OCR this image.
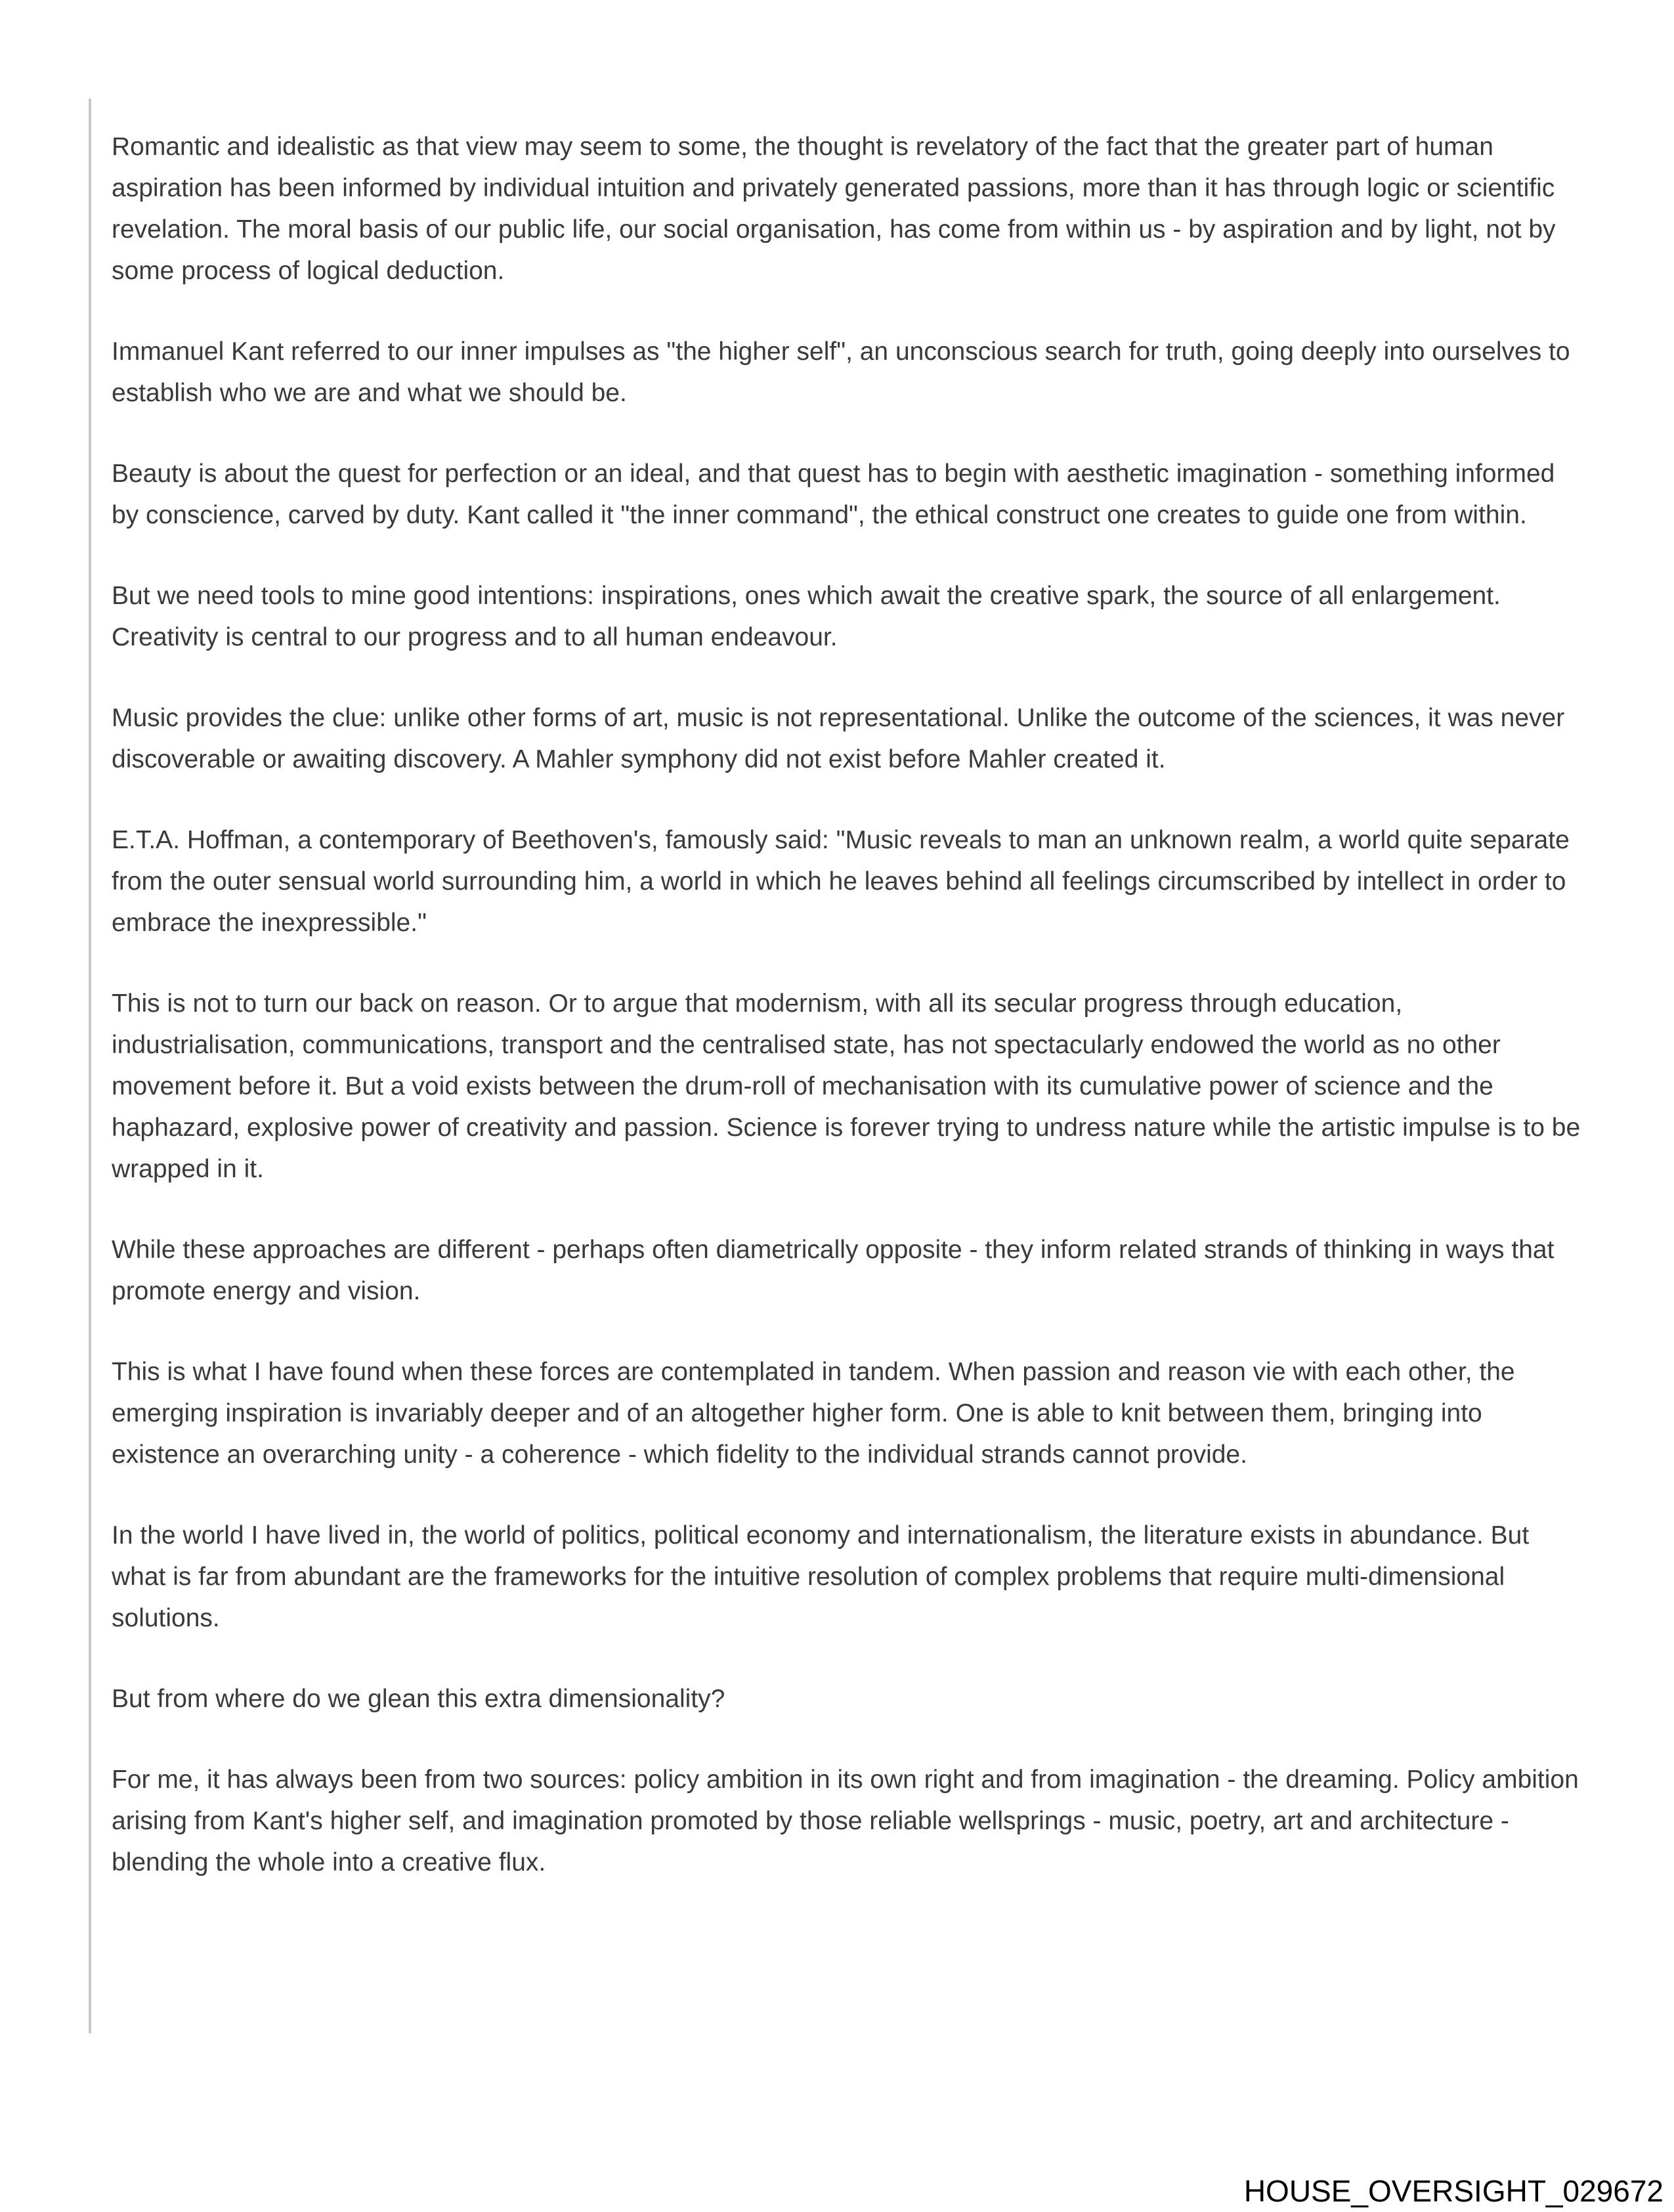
Romantic and idealistic as that view may seem to some, the thought is revelatory of the fact that the greater part of human aspiration has been informed by individual intuition and privately generated passions, more than it has through logic or scientific revelation. The moral basis of our public life, our social organisation, has come from within us - by aspiration and by light, not by some process of logical deduction.

Immanuel Kant referred to our inner impulses as "the higher self", an unconscious search for truth, going deeply into ourselves to establish who we are and what we should be.

Beauty is about the quest for perfection or an ideal, and that quest has to begin with aesthetic imagination - something informed by conscience, carved by duty. Kant called it "the inner command", the ethical construct one creates to guide one from within.

But we need tools to mine good intentions: inspirations, ones which await the creative spark, the source of all enlargement. Creativity is central to our progress and to all human endeavour.

Music provides the clue: unlike other forms of art, music is not representational. Unlike the outcome of the sciences, it was never discoverable or awaiting discovery. A Mahler symphony did not exist before Mahler created it.

E.T.A. Hoffman, a contemporary of Beethoven's, famously said: "Music reveals to man an unknown realm, a world quite separate from the outer sensual world surrounding him, a world in which he leaves behind all feelings circumscribed by intellect in order to embrace the inexpressible."

This is not to turn our back on reason. Or to argue that modernism, with all its secular progress through education, industrialisation, communications, transport and the centralised state, has not spectacularly endowed the world as no other movement before it. But a void exists between the drum-roll of mechanisation with its cumulative power of science and the haphazard, explosive power of creativity and passion. Science is forever trying to undress nature while the artistic impulse is to be wrapped in it.

While these approaches are different - perhaps often diametrically opposite - they inform related strands of thinking in ways that promote energy and vision.

This is what I have found when these forces are contemplated in tandem. When passion and reason vie with each other, the emerging inspiration is invariably deeper and of an altogether higher form. One is able to knit between them, bringing into existence an overarching unity - a coherence - which fidelity to the individual strands cannot provide.

In the world I have lived in, the world of politics, political economy and internationalism, the literature exists in abundance. But what is far from abundant are the frameworks for the intuitive resolution of complex problems that require multi-dimensional solutions.

But from where do we glean this extra dimensionality?

For me, it has always been from two sources: policy ambition in its own right and from imagination - the dreaming. Policy ambition arising from Kant's higher self, and imagination promoted by those reliable wellsprings - music, poetry, art and architecture - blending the whole into a creative flux.

HOUSE_OVERSIGHT_029672
